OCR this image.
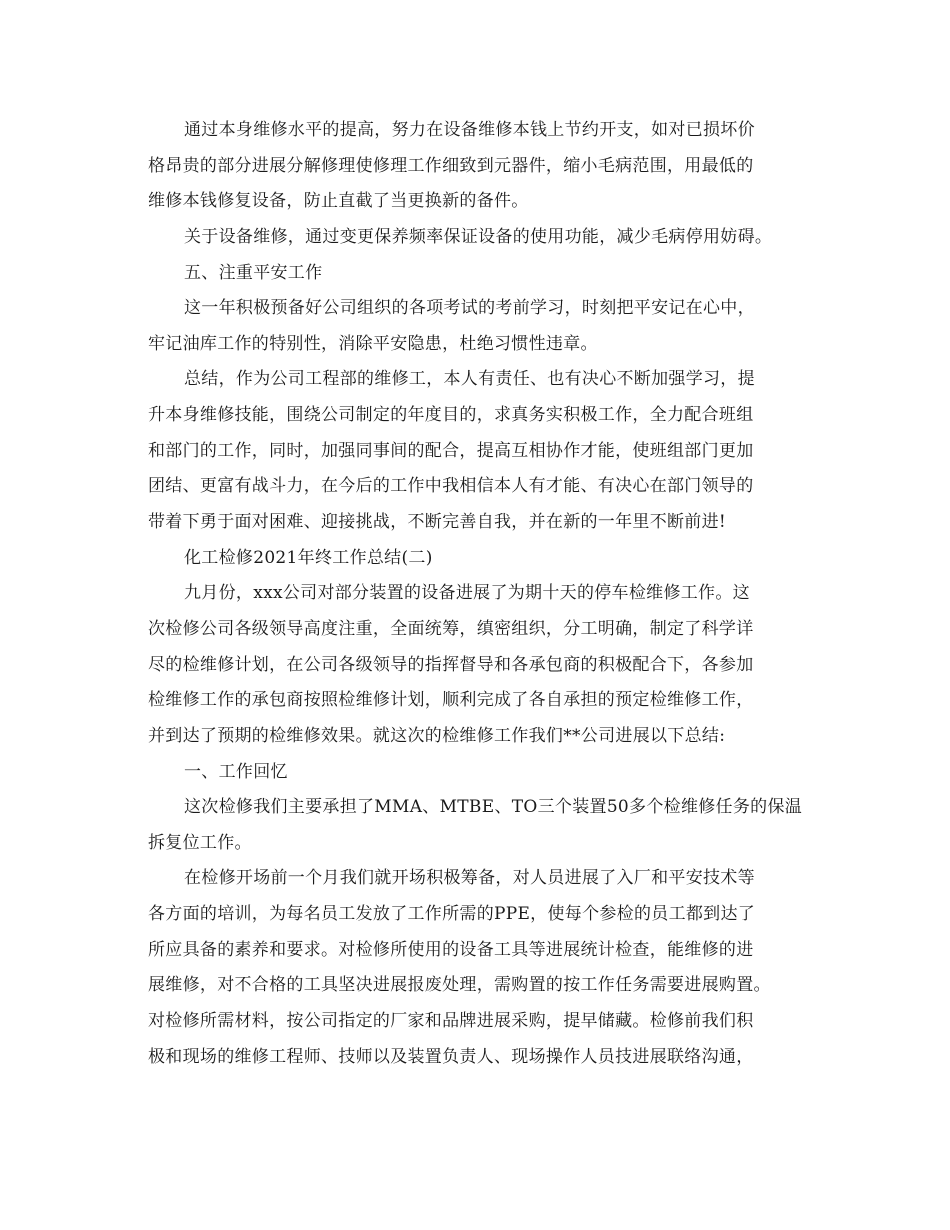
通过本身维修水平的提高，努力在设备维修本钱上节约开支，如对已损坏价
格昂贵的部分进展分解修理使修理工作细致到元器件，缩小毛病范围，用最低的
维修本钱修复设备，防止直截了当更换新的备件。
关于设备维修，通过变更保养频率保证设备的使用功能，减少毛病停用妨碍。
五、注重平安工作
这一年积极预备好公司组织的各项考试的考前学习，时刻把平安记在心中，
牢记油库工作的特别性，消除平安隐患，杜绝习惯性违章。
总结，作为公司工程部的维修工，本人有责任、也有决心不断加强学习，提
升本身维修技能，围绕公司制定的年度目的，求真务实积极工作，全力配合班组
和部门的工作，同时，加强同事间的配合，提高互相协作才能，使班组部门更加
团结、更富有战斗力，在今后的工作中我相信本人有才能、有决心在部门领导的
带着下勇于面对困难、迎接挑战，不断完善自我，并在新的一年里不断前进!
化工检修2021年终工作总结(二)
九月份，xxx公司对部分装置的设备进展了为期十天的停车检维修工作。这
次检修公司各级领导高度注重，全面统筹，缜密组织，分工明确，制定了科学详
尽的检维修计划，在公司各级领导的指挥督导和各承包商的积极配合下，各参加
检维修工作的承包商按照检维修计划，顺利完成了各自承担的预定检维修工作，
并到达了预期的检维修效果。就这次的检维修工作我们**公司进展以下总结:
一、工作回忆
这次检修我们主要承担了MMA、MTBE、TO三个装置50多个检维修任务的保温
拆复位工作。
在检修开场前一个月我们就开场积极筹备，对人员进展了入厂和平安技术等
各方面的培训，为每名员工发放了工作所需的PPE，使每个参检的员工都到达了
所应具备的素养和要求。对检修所使用的设备工具等进展统计检查，能维修的进
展维修，对不合格的工具坚决进展报废处理，需购置的按工作任务需要进展购置。
对检修所需材料，按公司指定的厂家和品牌进展采购，提早储藏。检修前我们积
极和现场的维修工程师、技师以及装置负责人、现场操作人员技进展联络沟通，
